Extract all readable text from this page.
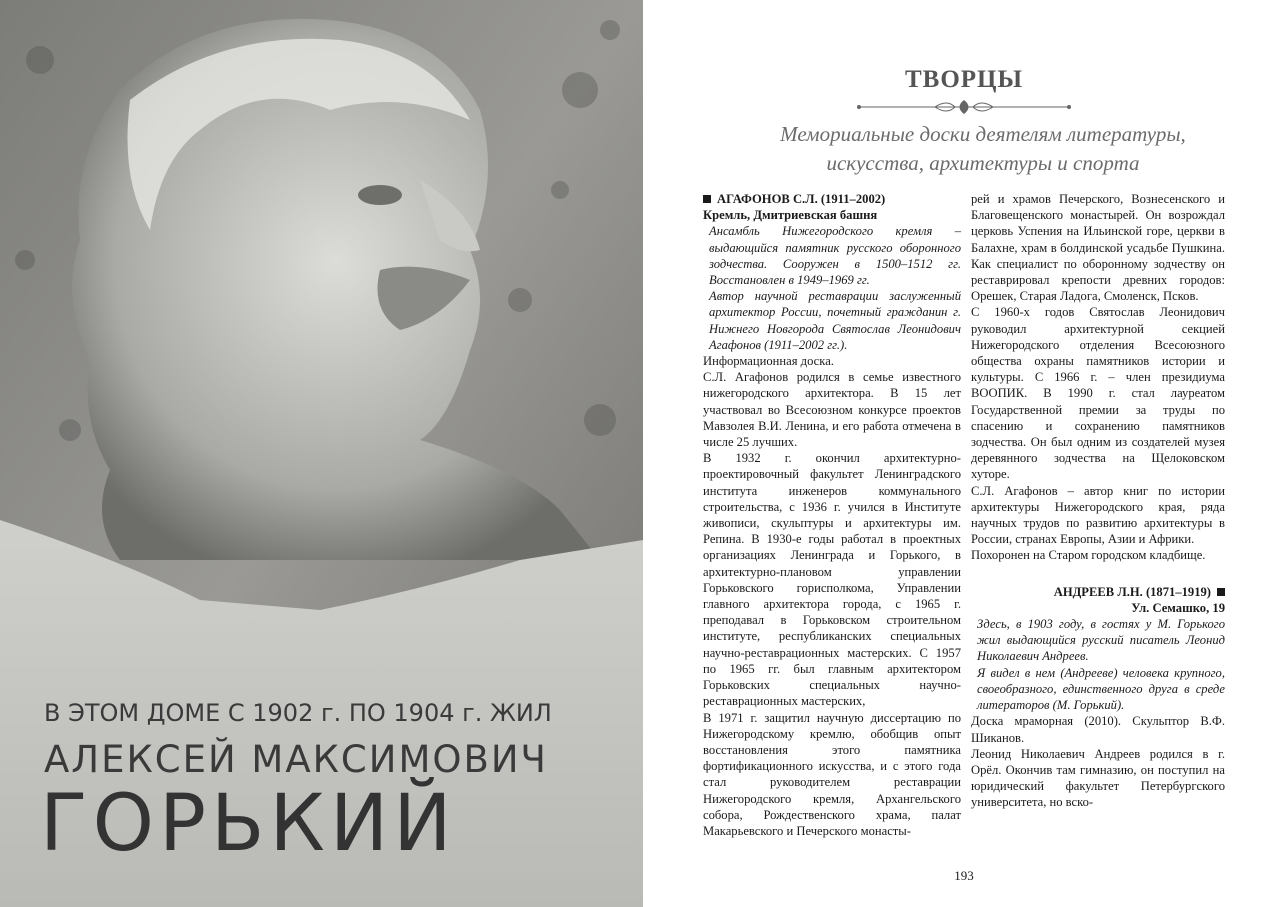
В ЭТОМ ДОМЕ С 1902 г. ПО 1904 г. ЖИЛ
АЛЕКСЕЙ МАКСИМОВИЧ
ГОРЬКИЙ
ТВОРЦЫ
Мемориальные доски деятелям литературы,
искусства, архитектуры и спорта

АГАФОНОВ С.Л. (1911–2002)

Кремль, Дмитриевская башня

Ансамбль Нижегородского кремля – выдающийся памятник русского оборонного зодчества. Сооружен в 1500–1512 гг. Восстановлен в 1949–1969 гг.

Автор научной реставрации заслуженный архитектор России, почетный гражданин г. Нижнего Новгорода Святослав Леонидович Агафонов (1911–2002 гг.).

Информационная доска.

С.Л. Агафонов родился в семье известного нижегородского архитектора. В 15 лет участвовал во Всесоюзном конкурсе проектов Мавзолея В.И. Ленина, и его работа отмечена в числе 25 лучших.

В 1932 г. окончил архитектурно-проектировочный факультет Ленинградского института инженеров коммунального строительства, с 1936 г. учился в Институте живописи, скульптуры и архитектуры им. Репина. В 1930-е годы работал в проектных организациях Ленинграда и Горького, в архитектурно-плановом управлении Горьковского горисполкома, Управлении главного архитектора города, с 1965 г. преподавал в Горьковском строительном институте, республиканских специальных научно-реставрационных мастерских. С 1957 по 1965 гг. был главным архитектором Горьковских специальных научно-реставрационных мастерских,

В 1971 г. защитил научную диссертацию по Нижегородскому кремлю, обобщив опыт восстановления этого памятника фортификационного искусства, и с этого года стал руководителем реставрации Нижегородского кремля, Архангельского собора, Рождественского храма, палат Макарьевского и Печерского монасты-

рей и храмов Печерского, Вознесенского и Благовещенского монастырей. Он возрождал церковь Успения на Ильинской горе, церкви в Балахне, храм в болдинской усадьбе Пушкина. Как специалист по оборонному зодчеству он реставрировал крепости древних городов: Орешек, Старая Ладога, Смоленск, Псков.

С 1960-х годов Святослав Леонидович руководил архитектурной секцией Нижегородского отделения Всесоюзного общества охраны памятников истории и культуры. С 1966 г. – член президиума ВООПИК. В 1990 г. стал лауреатом Государственной премии за труды по спасению и сохранению памятников зодчества. Он был одним из создателей музея деревянного зодчества на Щелоковском хуторе.

С.Л. Агафонов – автор книг по истории архитектуры Нижегородского края, ряда научных трудов по развитию архитектуры в России, странах Европы, Азии и Африки.

Похоронен на Старом городском кладбище.

АНДРЕЕВ Л.Н. (1871–1919)

Ул. Семашко, 19

Здесь, в 1903 году, в гостях у М. Горького жил выдающийся русский писатель Леонид Николаевич Андреев.

Я видел в нем (Андрееве) человека крупного, своеобразного, единственного друга в среде литераторов (М. Горький).

Доска мраморная (2010). Скульптор В.Ф. Шиканов.

Леонид Николаевич Андреев родился в г. Орёл. Окончив там гимназию, он поступил на юридический факультет Петербургского университета, но вско-

193
